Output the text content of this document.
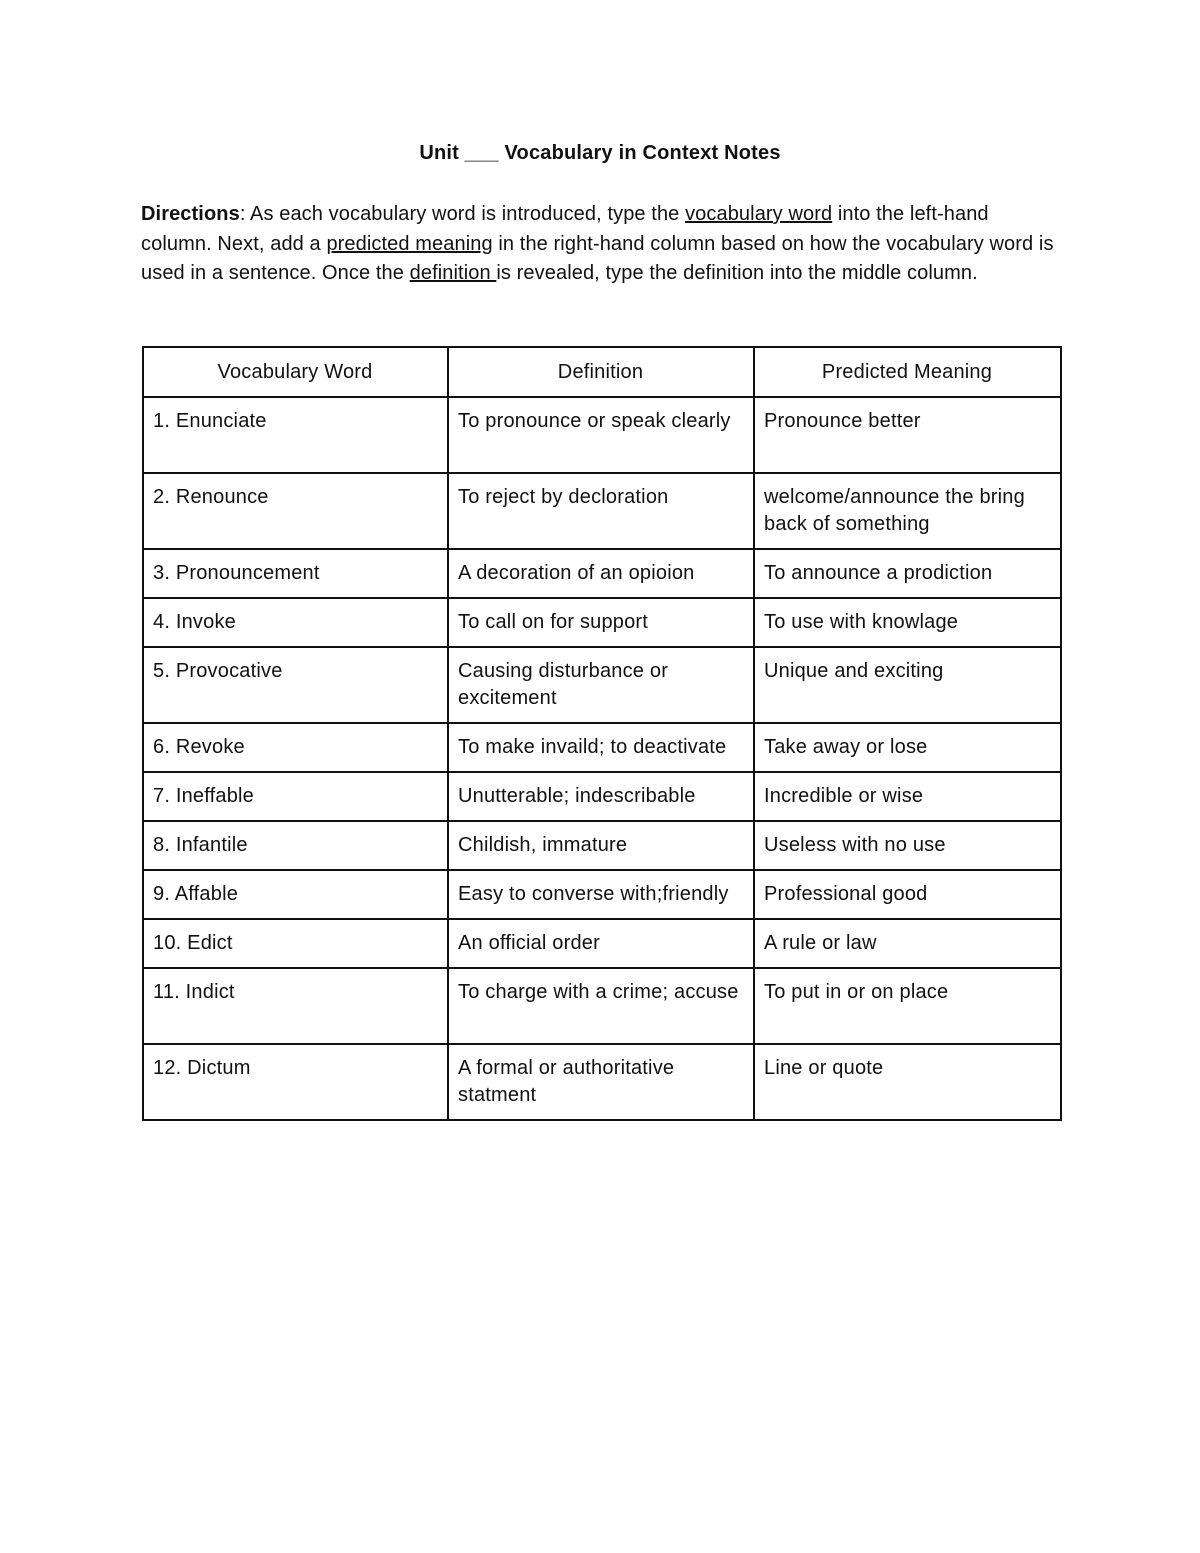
Unit ___ Vocabulary in Context Notes
Directions: As each vocabulary word is introduced, type the vocabulary word into the left-hand column. Next, add a predicted meaning in the right-hand column based on how the vocabulary word is used in a sentence. Once the definition is revealed, type the definition into the middle column.
Vocabulary Word	Definition	Predicted Meaning
1. Enunciate	To pronounce or speak clearly	Pronounce better
2. Renounce	To reject by decloration	welcome/announce the bring back of something
3. Pronouncement	A decoration of an opioion	To announce a prodiction
4. Invoke	To call on for support	To use with knowlage
5. Provocative	Causing disturbance or excitement	Unique and exciting
6. Revoke	To make invaild; to deactivate	Take away or lose
7. Ineffable	Unutterable; indescribable	Incredible or wise
8. Infantile	Childish, immature	Useless with no use
9. Affable	Easy to converse with;friendly	Professional good
10. Edict	An official order	A rule or law
11. Indict	To charge with a crime; accuse	To put in or on place
12. Dictum	A formal or authoritative statment	Line or quote
